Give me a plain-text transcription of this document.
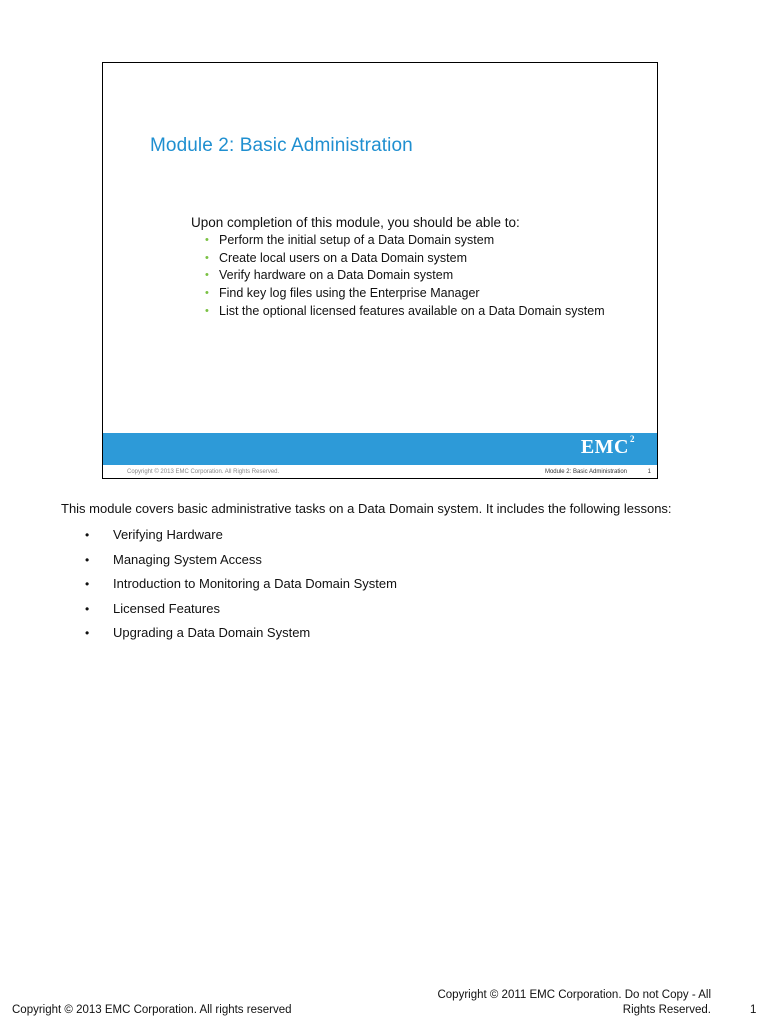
Module 2: Basic Administration

Upon completion of this module, you should be able to:

• Perform the initial setup of a Data Domain system
• Create local users on a Data Domain system
• Verify hardware on a Data Domain system
• Find key log files using the Enterprise Manager
• List the optional licensed features available on a Data Domain system
EMC$^2$
Copyright © 2013 EMC Corporation. All Rights Reserved.	Module 2: Basic Administration	1

This module covers basic administrative tasks on a Data Domain system. It includes the following lessons:

• Verifying Hardware
• Managing System Access
• Introduction to Monitoring a Data Domain System
• Licensed Features
• Upgrading a Data Domain System
Copyright © 2013 EMC Corporation. All rights reserved
Copyright © 2011 EMC Corporation. Do not Copy - All
Rights Reserved.	1
